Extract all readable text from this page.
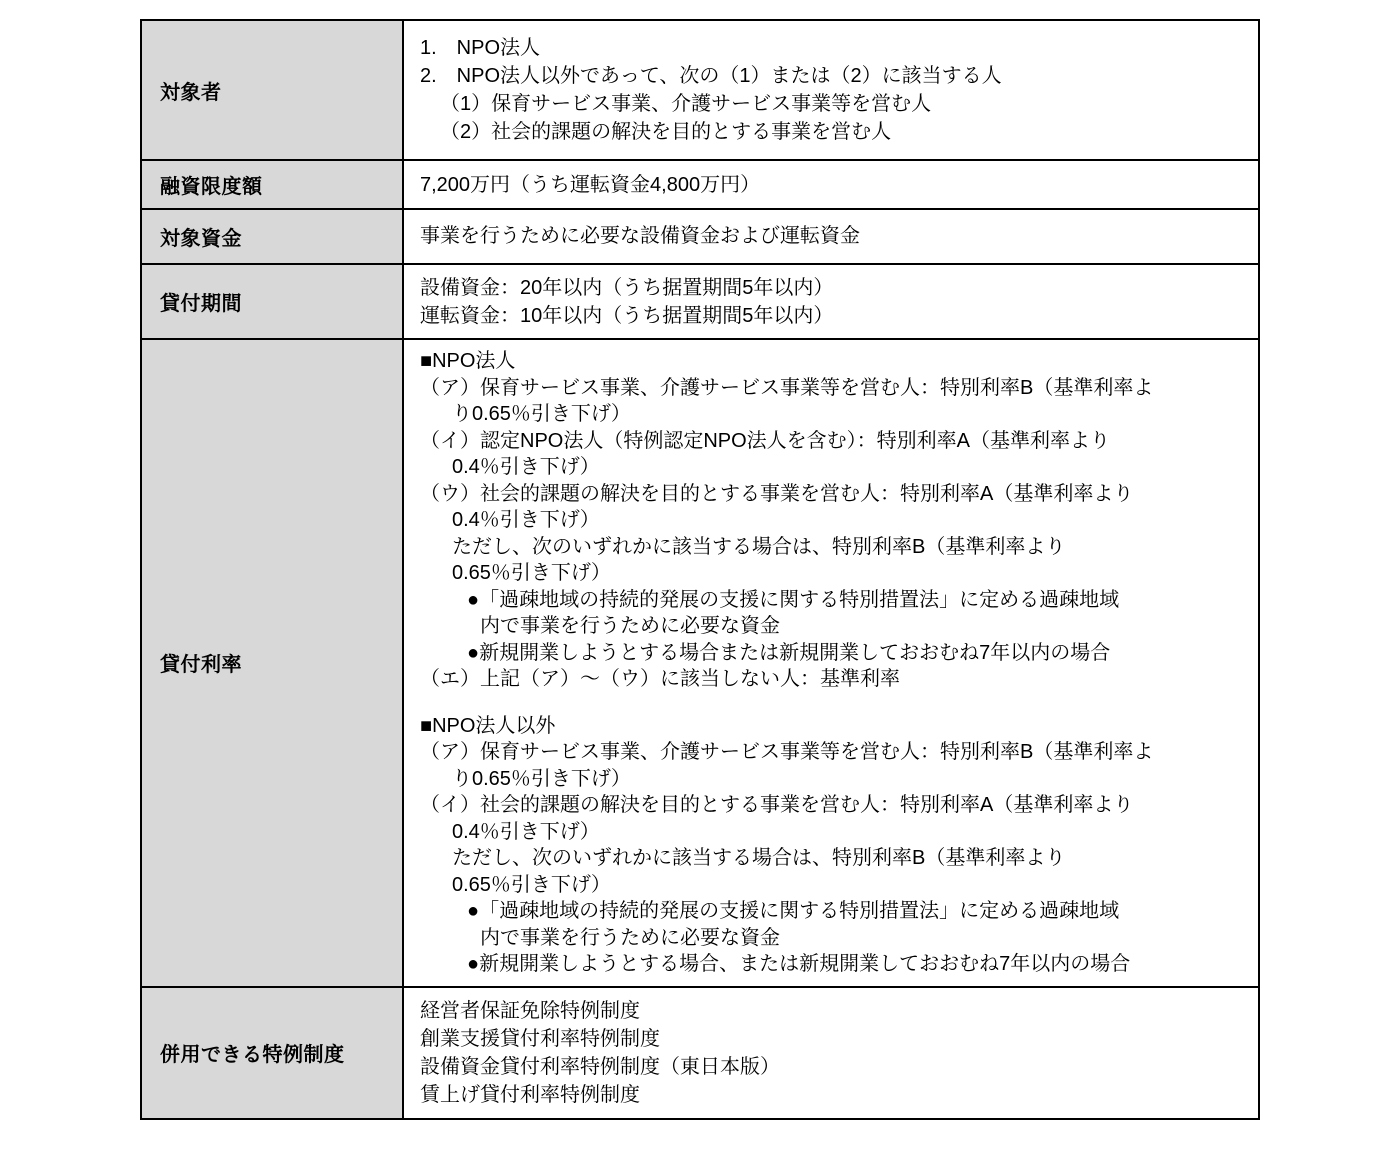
対象者
1.　NPO法人
2.　NPO法人以外であって、次の（1）または（2）に該当する人
（1）保育サービス事業、介護サービス事業等を営む人
（2）社会的課題の解決を目的とする事業を営む人
融資限度額	7,200万円（うち運転資金4,800万円）
対象資金	事業を行うために必要な設備資金および運転資金
貸付期間
設備資金：20年以内（うち据置期間5年以内）
運転資金：10年以内（うち据置期間5年以内）
貸付利率
■NPO法人
（ア）保育サービス事業、介護サービス事業等を営む人：特別利率B（基準利率よ
り0.65％引き下げ）
（イ）認定NPO法人（特例認定NPO法人を含む）：特別利率A（基準利率より
0.4％引き下げ）
（ウ）社会的課題の解決を目的とする事業を営む人：特別利率A（基準利率より
0.4％引き下げ）
ただし、次のいずれかに該当する場合は、特別利率B（基準利率より
0.65％引き下げ）
●「過疎地域の持続的発展の支援に関する特別措置法」に定める過疎地域
内で事業を行うために必要な資金
●新規開業しようとする場合または新規開業しておおむね7年以内の場合
（エ）上記（ア）～（ウ）に該当しない人：基準利率
■NPO法人以外
（ア）保育サービス事業、介護サービス事業等を営む人：特別利率B（基準利率よ
り0.65％引き下げ）
（イ）社会的課題の解決を目的とする事業を営む人：特別利率A（基準利率より
0.4％引き下げ）
ただし、次のいずれかに該当する場合は、特別利率B（基準利率より
0.65％引き下げ）
●「過疎地域の持続的発展の支援に関する特別措置法」に定める過疎地域
内で事業を行うために必要な資金
●新規開業しようとする場合、または新規開業しておおむね7年以内の場合
併用できる特例制度
経営者保証免除特例制度
創業支援貸付利率特例制度
設備資金貸付利率特例制度（東日本版）
賃上げ貸付利率特例制度
